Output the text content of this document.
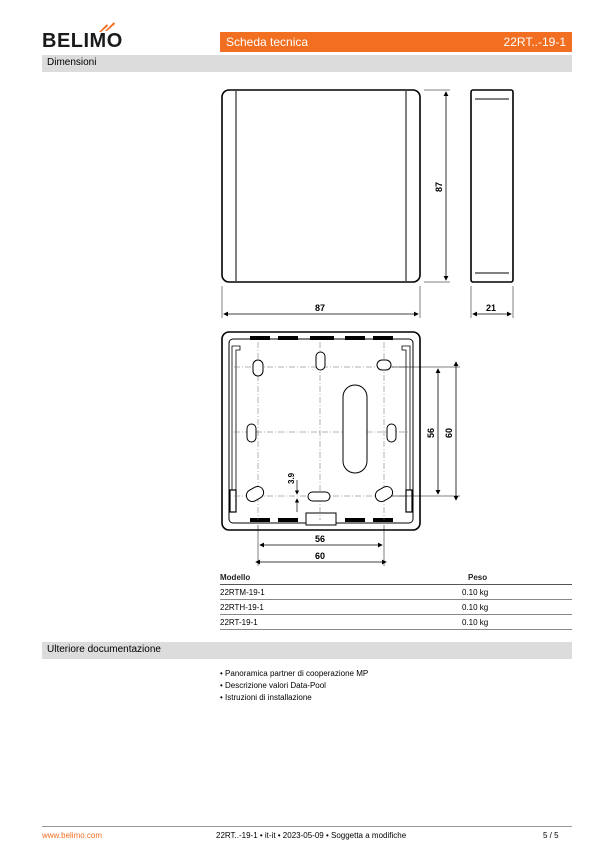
BELIMO	Scheda tecnica	22RT..-19-1
Dimensioni
87
87	21
3.9
56
60
56 60
Modello	Peso
22RTM-19-1	0.10 kg
22RTH-19-1	0.10 kg
22RT-19-1	0.10 kg
Ulteriore documentazione
• Panoramica partner di cooperazione MP
• Descrizione valori Data-Pool
• Istruzioni di installazione
www.belimo.com	22RT..-19-1 • it-it • 2023-05-09 • Soggetta a modifiche	5 / 5
